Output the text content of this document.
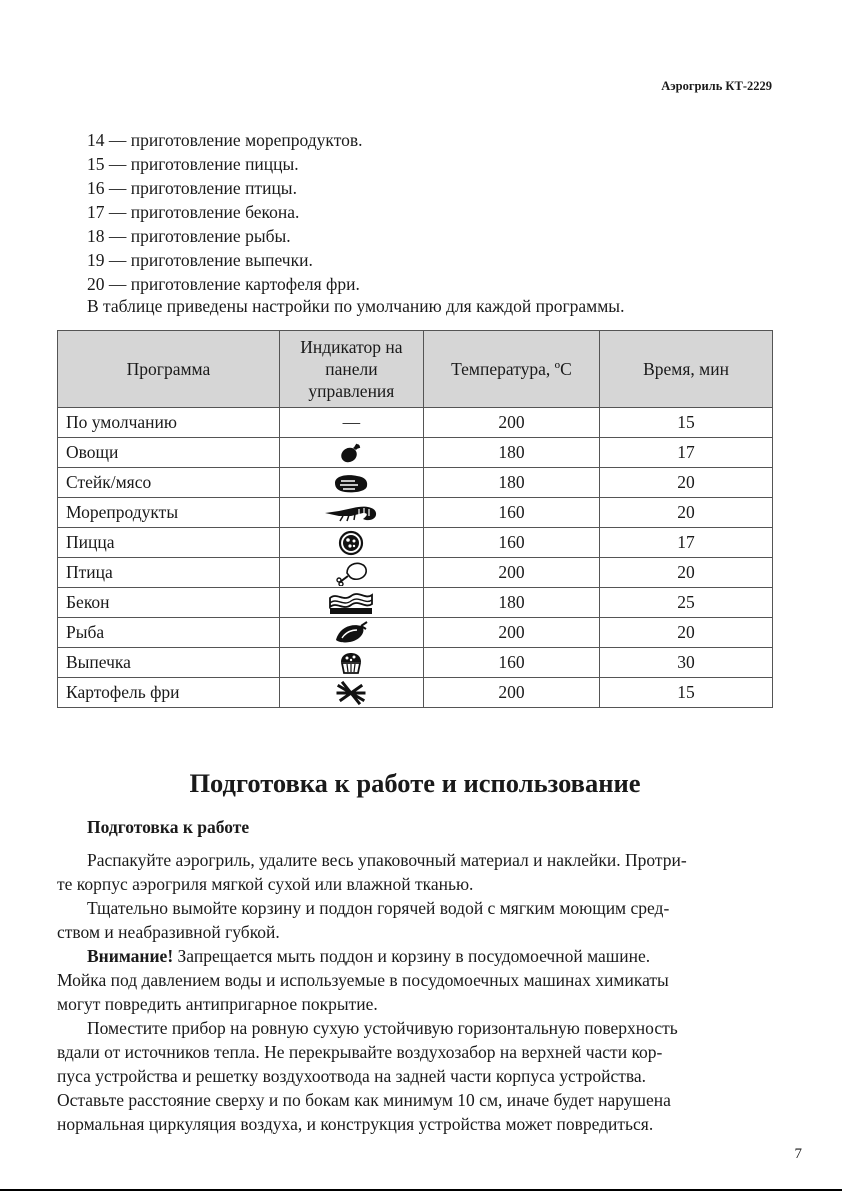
Аэрогриль КТ-2229
14 — приготовление морепродуктов.
15 — приготовление пиццы.
16 — приготовление птицы.
17 — приготовление бекона.
18 — приготовление рыбы.
19 — приготовление выпечки.
20 — приготовление картофеля фри.
В таблице приведены настройки по умолчанию для каждой программы.
Программа	Индикатор на панели управления	Температура, ºС	Время, мин
По умолчанию	—	200	15
Овощи		180	17
Стейк/мясо		180	20
Морепродукты		160	20
Пицца		160	17
Птица		200	20
Бекон		180	25
Рыба		200	20
Выпечка		160	30
Картофель фри		200	15
Подготовка к работе и использование
Подготовка к работе
Распакуйте аэрогриль, удалите весь упаковочный материал и наклейки. Протри-
те корпус аэрогриля мягкой сухой или влажной тканью.
Тщательно вымойте корзину и поддон горячей водой с мягким моющим сред-
ством и неабразивной губкой.
Внимание! Запрещается мыть поддон и корзину в посудомоечной машине.
Мойка под давлением воды и используемые в посудомоечных машинах химикаты
могут повредить антипригарное покрытие.
Поместите прибор на ровную сухую устойчивую горизонтальную поверхность
вдали от источников тепла. Не перекрывайте воздухозабор на верхней части кор-
пуса устройства и решетку воздухоотвода на задней части корпуса устройства.
Оставьте расстояние сверху и по бокам как минимум 10 см, иначе будет нарушена
нормальная циркуляция воздуха, и конструкция устройства может повредиться.
7
